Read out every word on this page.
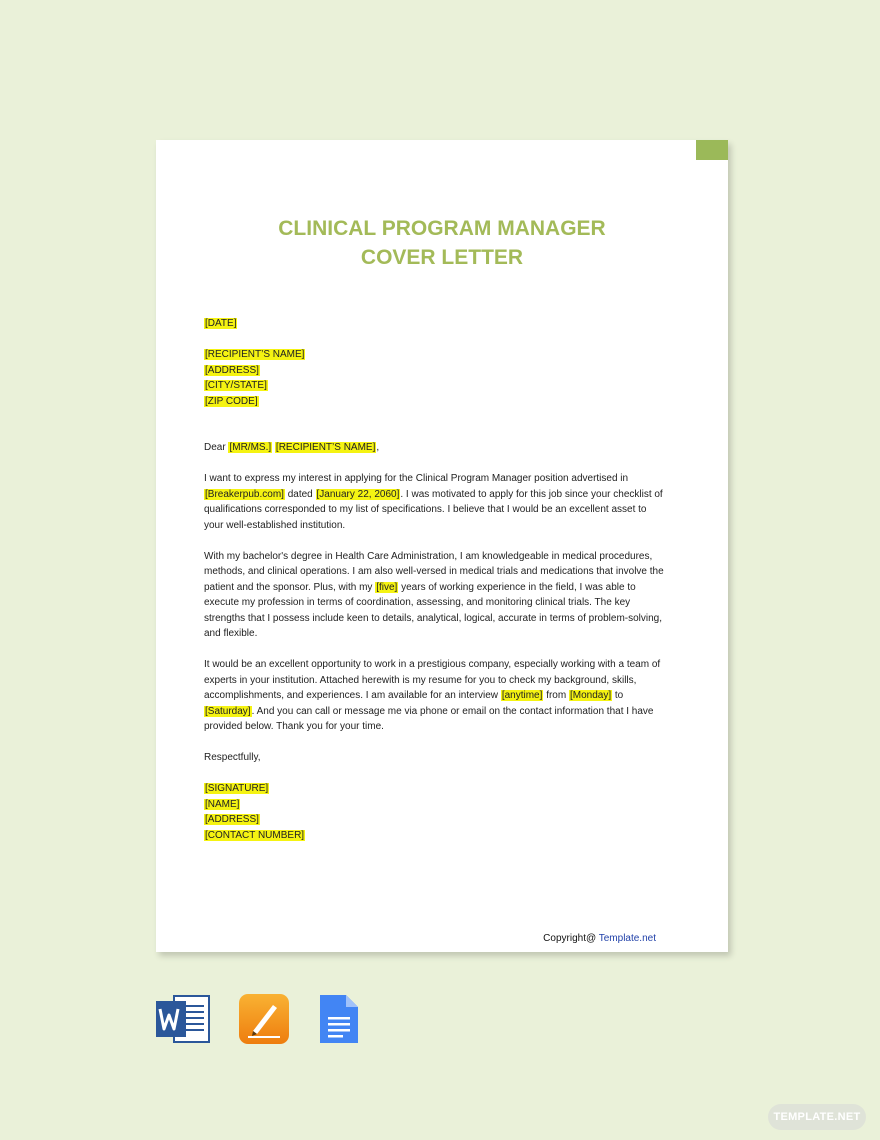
CLINICAL PROGRAM MANAGER
COVER LETTER

[DATE]

[RECIPIENT’S NAME]

[ADDRESS]

[CITY/STATE]

[ZIP CODE]

Dear [MR/MS.] [RECIPIENT’S NAME],

I want to express my interest in applying for the Clinical Program Manager position advertised in [Breakerpub.com] dated [January 22, 2060]. I was motivated to apply for this job since your checklist of qualifications corresponded to my list of specifications. I believe that I would be an excellent asset to your well-established institution.

With my bachelor's degree in Health Care Administration, I am knowledgeable in medical procedures, methods, and clinical operations. I am also well-versed in medical trials and medications that involve the patient and the sponsor. Plus, with my [five] years of working experience in the field, I was able to execute my profession in terms of coordination, assessing, and monitoring clinical trials. The key strengths that I possess include keen to details, analytical, logical, accurate in terms of problem-solving, and flexible.

It would be an excellent opportunity to work in a prestigious company, especially working with a team of experts in your institution. Attached herewith is my resume for you to check my background, skills, accomplishments, and experiences. I am available for an interview [anytime] from [Monday] to [Saturday]. And you can call or message me via phone or email on the contact information that I have provided below. Thank you for your time.

Respectfully,

[SIGNATURE]

[NAME]

[ADDRESS]

[CONTACT NUMBER]

Copyright@ Template.net
TEMPLATE.NET
